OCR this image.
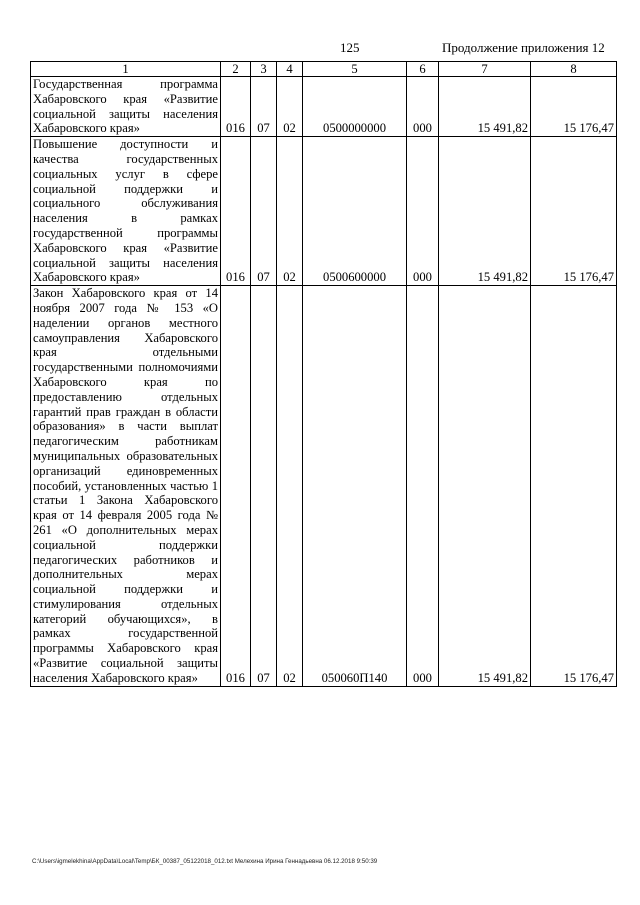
125	Продолжение приложения 12
1	2	3	4	5	6	7	8
Государственная программа Хабаровского края «Развитие социальной защиты населения Хабаровского края»	016	07	02	0500000000	000	15 491,82	15 176,47
Повышение доступности и качества государственных социальных услуг в сфере социальной поддержки и социального обслуживания населения в рамках государственной программы Хабаровского края «Развитие социальной защиты населения Хабаровского края»	016	07	02	0500600000	000	15 491,82	15 176,47
Закон Хабаровского края от 14 ноября 2007 года № 153 «О наделении органов местного самоуправления Хабаровского края отдельными государственными полномочиями Хабаровского края по предоставлению отдельных гарантий прав граждан в области образования» в части выплат педагогическим работникам муниципальных образовательных организаций единовременных пособий, установленных частью 1 статьи 1 Закона Хабаровского края от 14 февраля 2005 года № 261 «О дополнительных мерах социальной поддержки педагогических работников и дополнительных мерах социальной поддержки и стимулирования отдельных категорий обучающихся», в рамках государственной программы Хабаровского края «Развитие социальной защиты населения Хабаровского края»	016	07	02	050060П140	000	15 491,82	15 176,47
C:\Users\igmelekhina\AppData\Local\Temp\БК_00387_05122018_012.txt Мелехина Ирина Геннадьевна 06.12.2018 9:50:39
